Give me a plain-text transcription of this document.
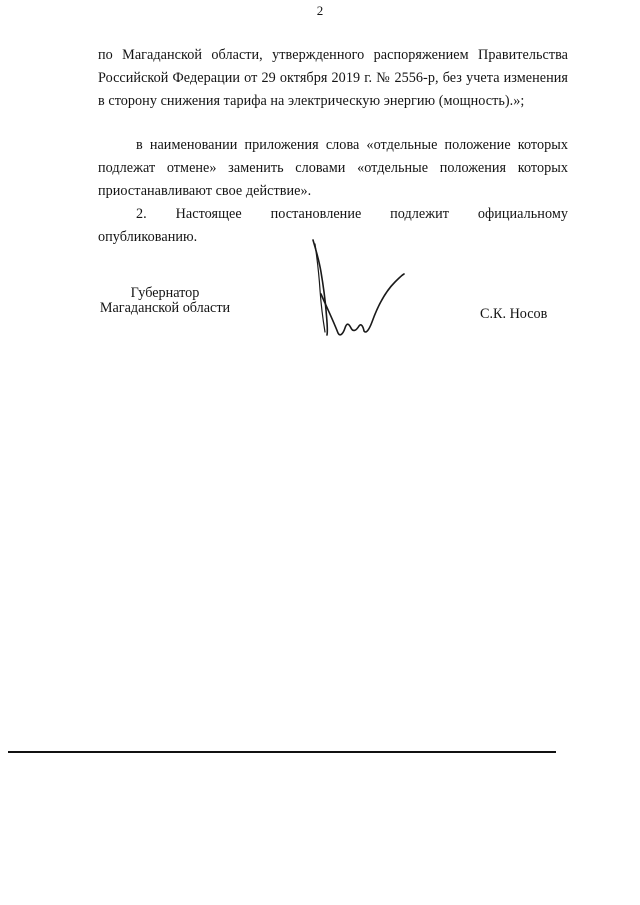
2

по Магаданской области, утвержденного распоряжением Правительства Российской Федерации от 29 октября 2019 г. № 2556-р, без учета изменения в сторону снижения тарифа на электрическую энергию (мощность).»;

в наименовании приложения слова «отдельные положение которых подлежат отмене» заменить словами «отдельные положения которых приостанавливают свое действие».

2. Настоящее постановление подлежит официальному опубликованию.

Губернатор
Магаданской области	С.К. Носов
